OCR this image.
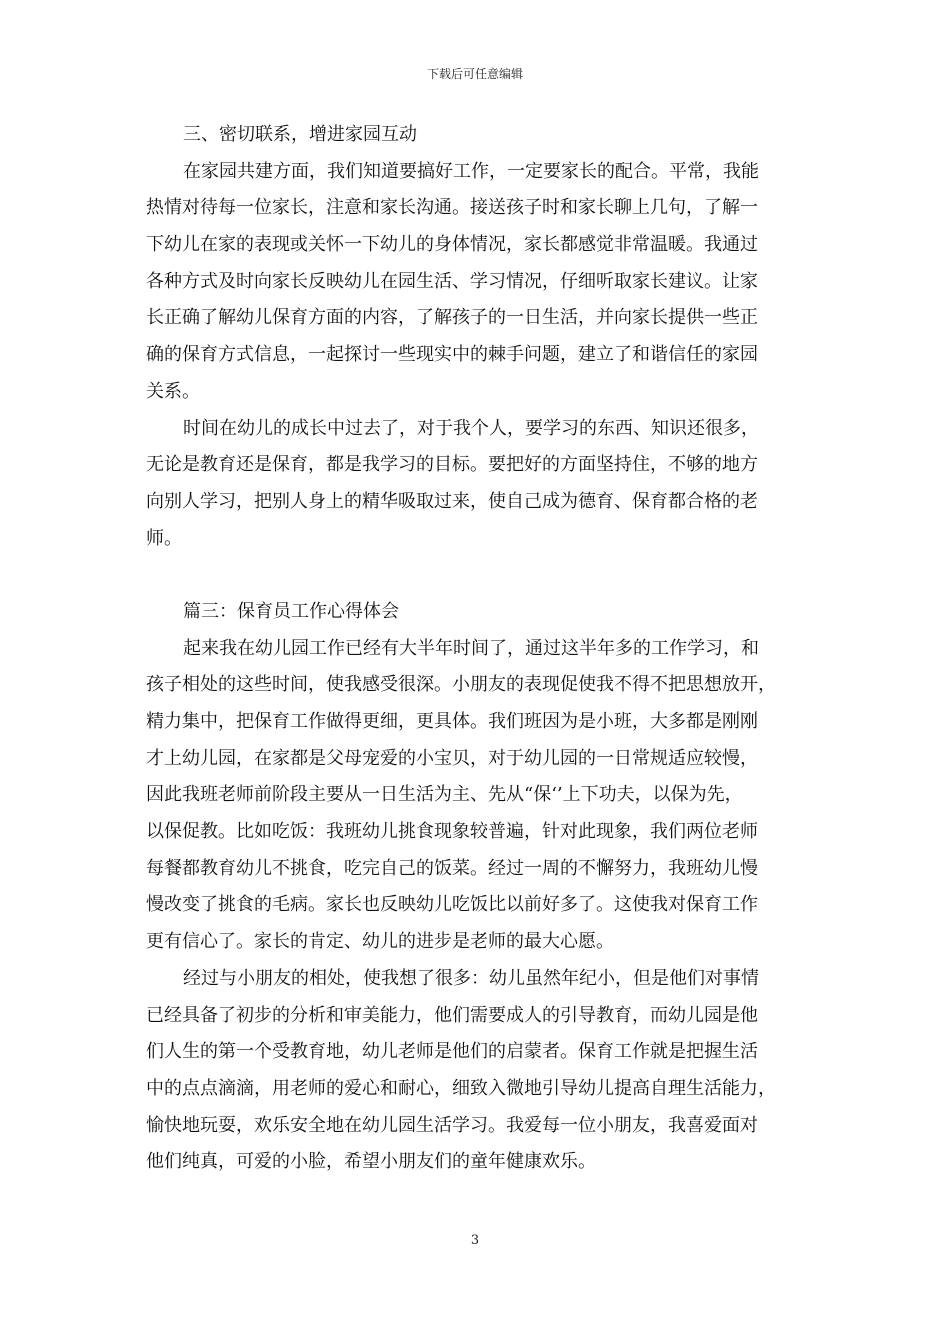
下载后可任意编辑
三、密切联系，增进家园互动
在家园共建方面，我们知道要搞好工作，一定要家长的配合。平常，我能
热情对待每一位家长，注意和家长沟通。接送孩子时和家长聊上几句，了解一
下幼儿在家的表现或关怀一下幼儿的身体情况，家长都感觉非常温暖。我通过
各种方式及时向家长反映幼儿在园生活、学习情况，仔细听取家长建议。让家
长正确了解幼儿保育方面的内容，了解孩子的一日生活，并向家长提供一些正
确的保育方式信息，一起探讨一些现实中的棘手问题，建立了和谐信任的家园
关系。
时间在幼儿的成长中过去了，对于我个人，要学习的东西、知识还很多，
无论是教育还是保育，都是我学习的目标。要把好的方面坚持住，不够的地方
向别人学习，把别人身上的精华吸取过来，使自己成为德育、保育都合格的老
师。
篇三：保育员工作心得体会
起来我在幼儿园工作已经有大半年时间了，通过这半年多的工作学习，和
孩子相处的这些时间，使我感受很深。小朋友的表现促使我不得不把思想放开，
精力集中，把保育工作做得更细，更具体。我们班因为是小班，大多都是刚刚
才上幼儿园，在家都是父母宠爱的小宝贝，对于幼儿园的一日常规适应较慢，
因此我班老师前阶段主要从一日生活为主、先从“保‘’上下功夫，以保为先，
以保促教。比如吃饭：我班幼儿挑食现象较普遍，针对此现象，我们两位老师
每餐都教育幼儿不挑食，吃完自己的饭菜。经过一周的不懈努力，我班幼儿慢
慢改变了挑食的毛病。家长也反映幼儿吃饭比以前好多了。这使我对保育工作
更有信心了。家长的肯定、幼儿的进步是老师的最大心愿。
经过与小朋友的相处，使我想了很多：幼儿虽然年纪小，但是他们对事情
已经具备了初步的分析和审美能力，他们需要成人的引导教育，而幼儿园是他
们人生的第一个受教育地，幼儿老师是他们的启蒙者。保育工作就是把握生活
中的点点滴滴，用老师的爱心和耐心，细致入微地引导幼儿提高自理生活能力，
愉快地玩耍，欢乐安全地在幼儿园生活学习。我爱每一位小朋友，我喜爱面对
他们纯真，可爱的小脸，希望小朋友们的童年健康欢乐。
3
